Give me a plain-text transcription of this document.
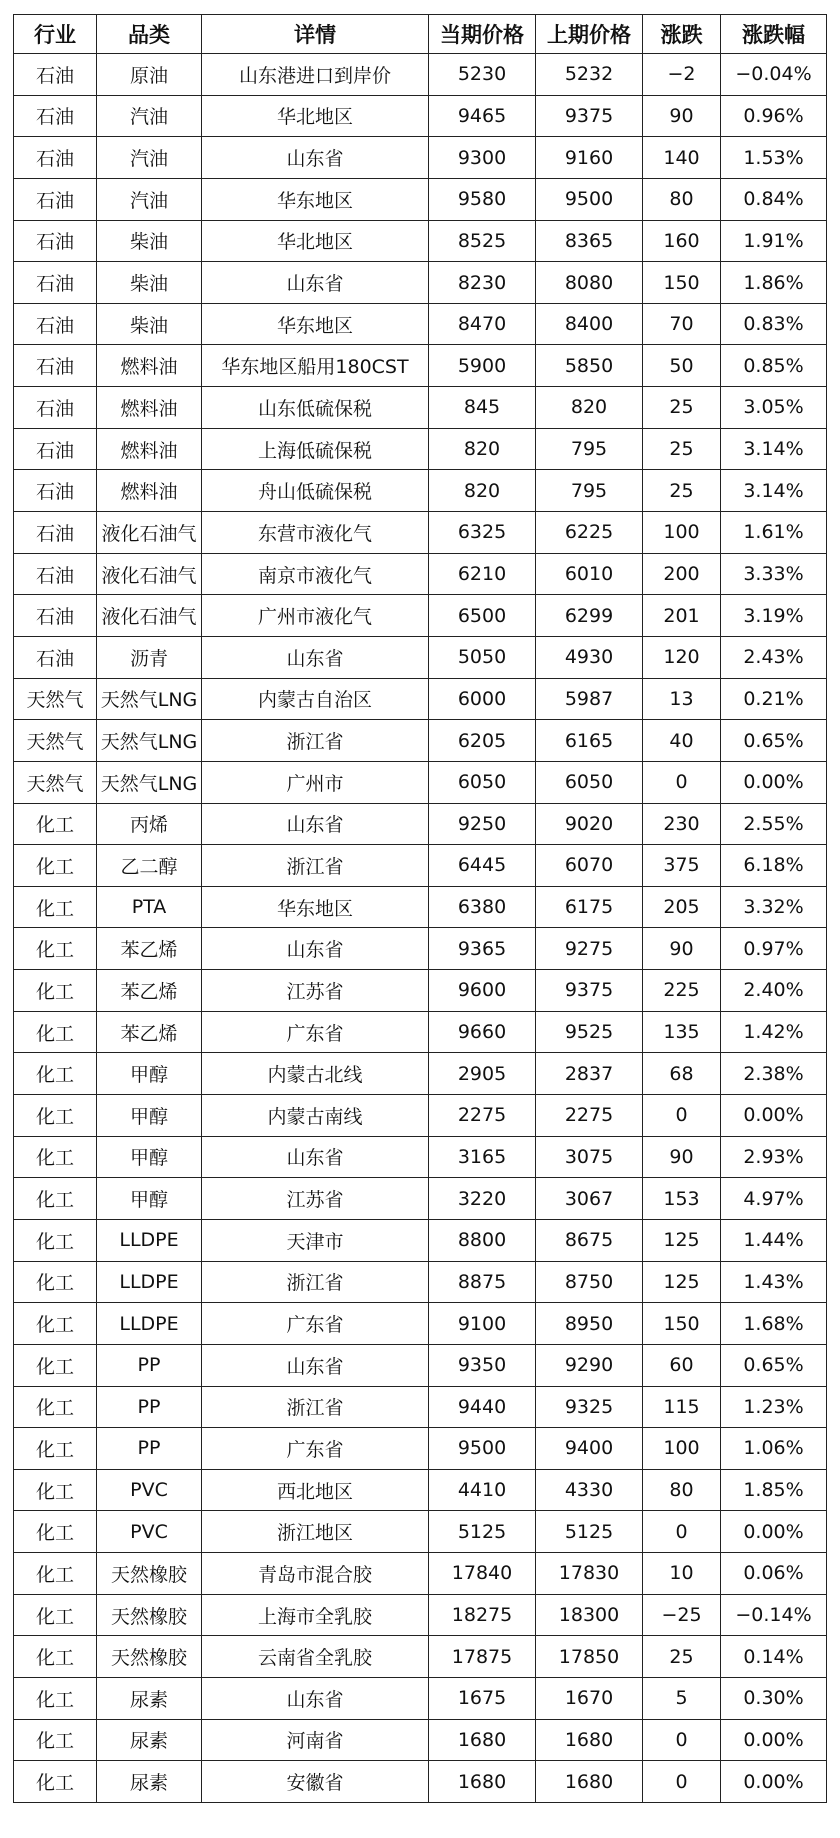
行业	品类	详情	当期价格	上期价格	涨跌	涨跌幅
石油	原油	山东港进口到岸价	5230	5232	−2	−0.04%
石油	汽油	华北地区	9465	9375	90	0.96%
石油	汽油	山东省	9300	9160	140	1.53%
石油	汽油	华东地区	9580	9500	80	0.84%
石油	柴油	华北地区	8525	8365	160	1.91%
石油	柴油	山东省	8230	8080	150	1.86%
石油	柴油	华东地区	8470	8400	70	0.83%
石油	燃料油	华东地区船用180CST	5900	5850	50	0.85%
石油	燃料油	山东低硫保税	845	820	25	3.05%
石油	燃料油	上海低硫保税	820	795	25	3.14%
石油	燃料油	舟山低硫保税	820	795	25	3.14%
石油	液化石油气	东营市液化气	6325	6225	100	1.61%
石油	液化石油气	南京市液化气	6210	6010	200	3.33%
石油	液化石油气	广州市液化气	6500	6299	201	3.19%
石油	沥青	山东省	5050	4930	120	2.43%
天然气	天然气LNG	内蒙古自治区	6000	5987	13	0.21%
天然气	天然气LNG	浙江省	6205	6165	40	0.65%
天然气	天然气LNG	广州市	6050	6050	0	0.00%
化工	丙烯	山东省	9250	9020	230	2.55%
化工	乙二醇	浙江省	6445	6070	375	6.18%
化工	PTA	华东地区	6380	6175	205	3.32%
化工	苯乙烯	山东省	9365	9275	90	0.97%
化工	苯乙烯	江苏省	9600	9375	225	2.40%
化工	苯乙烯	广东省	9660	9525	135	1.42%
化工	甲醇	内蒙古北线	2905	2837	68	2.38%
化工	甲醇	内蒙古南线	2275	2275	0	0.00%
化工	甲醇	山东省	3165	3075	90	2.93%
化工	甲醇	江苏省	3220	3067	153	4.97%
化工	LLDPE	天津市	8800	8675	125	1.44%
化工	LLDPE	浙江省	8875	8750	125	1.43%
化工	LLDPE	广东省	9100	8950	150	1.68%
化工	PP	山东省	9350	9290	60	0.65%
化工	PP	浙江省	9440	9325	115	1.23%
化工	PP	广东省	9500	9400	100	1.06%
化工	PVC	西北地区	4410	4330	80	1.85%
化工	PVC	浙江地区	5125	5125	0	0.00%
化工	天然橡胶	青岛市混合胶	17840	17830	10	0.06%
化工	天然橡胶	上海市全乳胶	18275	18300	−25	−0.14%
化工	天然橡胶	云南省全乳胶	17875	17850	25	0.14%
化工	尿素	山东省	1675	1670	5	0.30%
化工	尿素	河南省	1680	1680	0	0.00%
化工	尿素	安徽省	1680	1680	0	0.00%
